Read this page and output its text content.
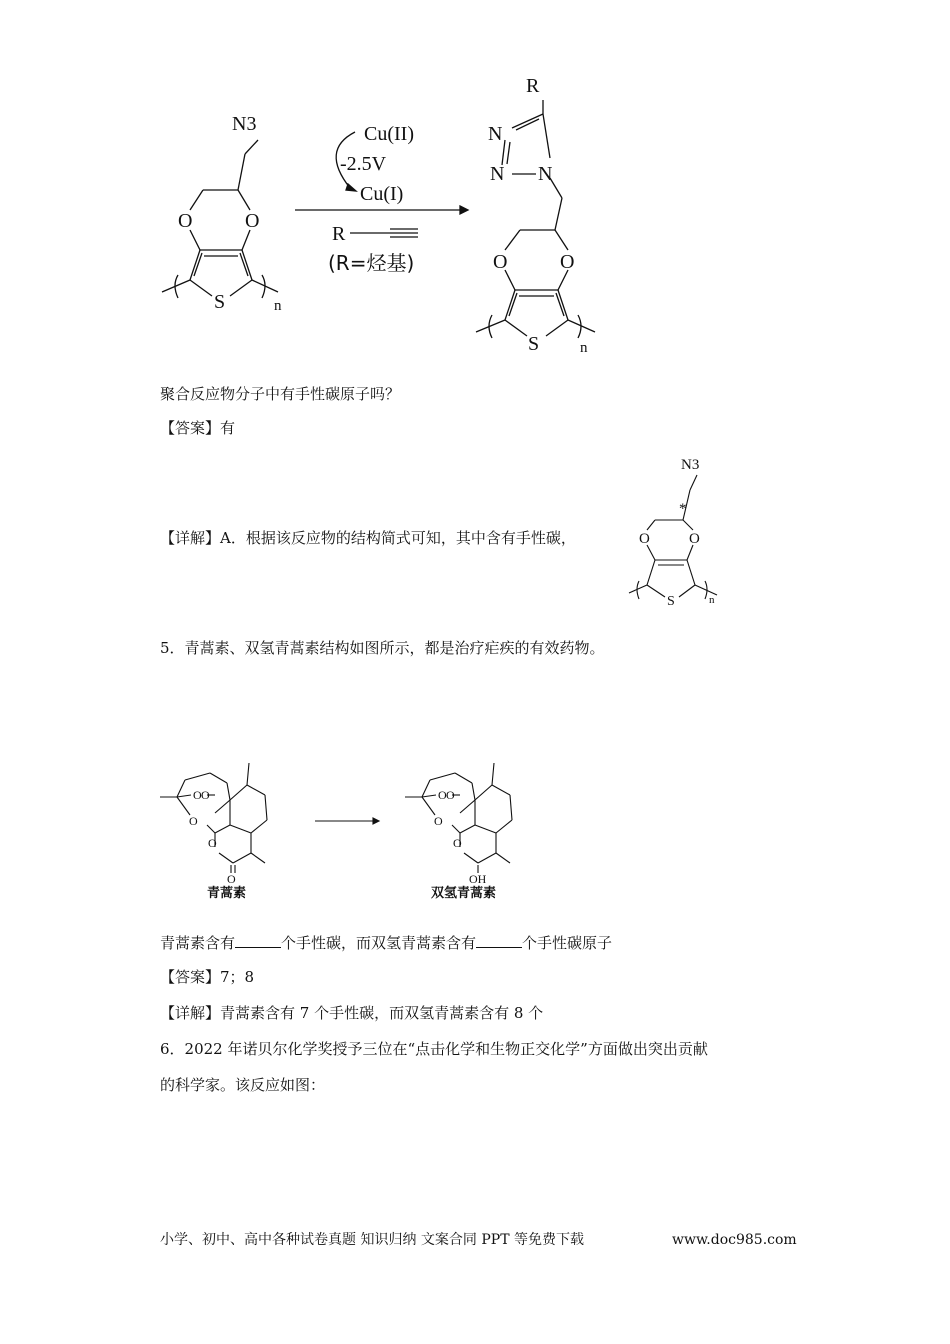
N3
O	O
S	n
Cu(II)
-2.5V
Cu(I)
R
(R=烃基)
R
N
N N
O	O
S	n
聚合反应物分子中有手性碳原子吗？
【答案】有
【详解】A．根据该反应物的结构简式可知，其中含有手性碳，
N3
*
O	O
S	n
5．青蒿素、双氢青蒿素结构如图所示，都是治疗疟疾的有效药物。
O O
O
O
O
青蒿素
O O
O
O
OH
双氢青蒿素
青蒿素含有	个手性碳，而双氢青蒿素含有	个手性碳原子
【答案】7；8
【详解】青蒿素含有 7 个手性碳，而双氢青蒿素含有 8 个
6．2022 年诺贝尔化学奖授予三位在“点击化学和生物正交化学”方面做出突出贡献
的科学家。该反应如图：
小学、初中、高中各种试卷真题 知识归纳 文案合同 PPT 等免费下载	www.doc985.com
